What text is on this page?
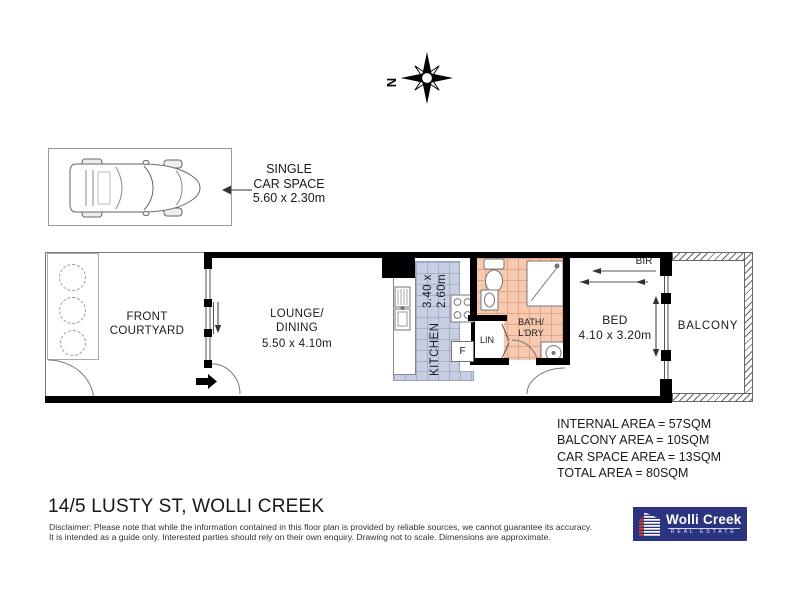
N
SINGLE
CAR SPACE
5.60 x 2.30m
FRONT
COURTYARD
LOUNGE/
DINING
5.50 x 4.10m	KITCHEN
3.40 x 2.60m
F
LIN
BATH/
L'DRY
BED
4.10 x 3.20m
BIR
BALCONY
INTERNAL AREA = 57SQM
BALCONY AREA = 10SQM
CAR SPACE AREA = 13SQM
TOTAL AREA = 80SQM
14/5 LUSTY ST, WOLLI CREEK
Disclaimer: Please note that while the information contained in this floor plan is provided by reliable sources, we cannot guarantee its accuracy.
It is intended as a guide only. Interested parties should rely on their own enquiry. Drawing not to scale. Dimensions are approximate.
Wolli Creek
REAL ESTATE
